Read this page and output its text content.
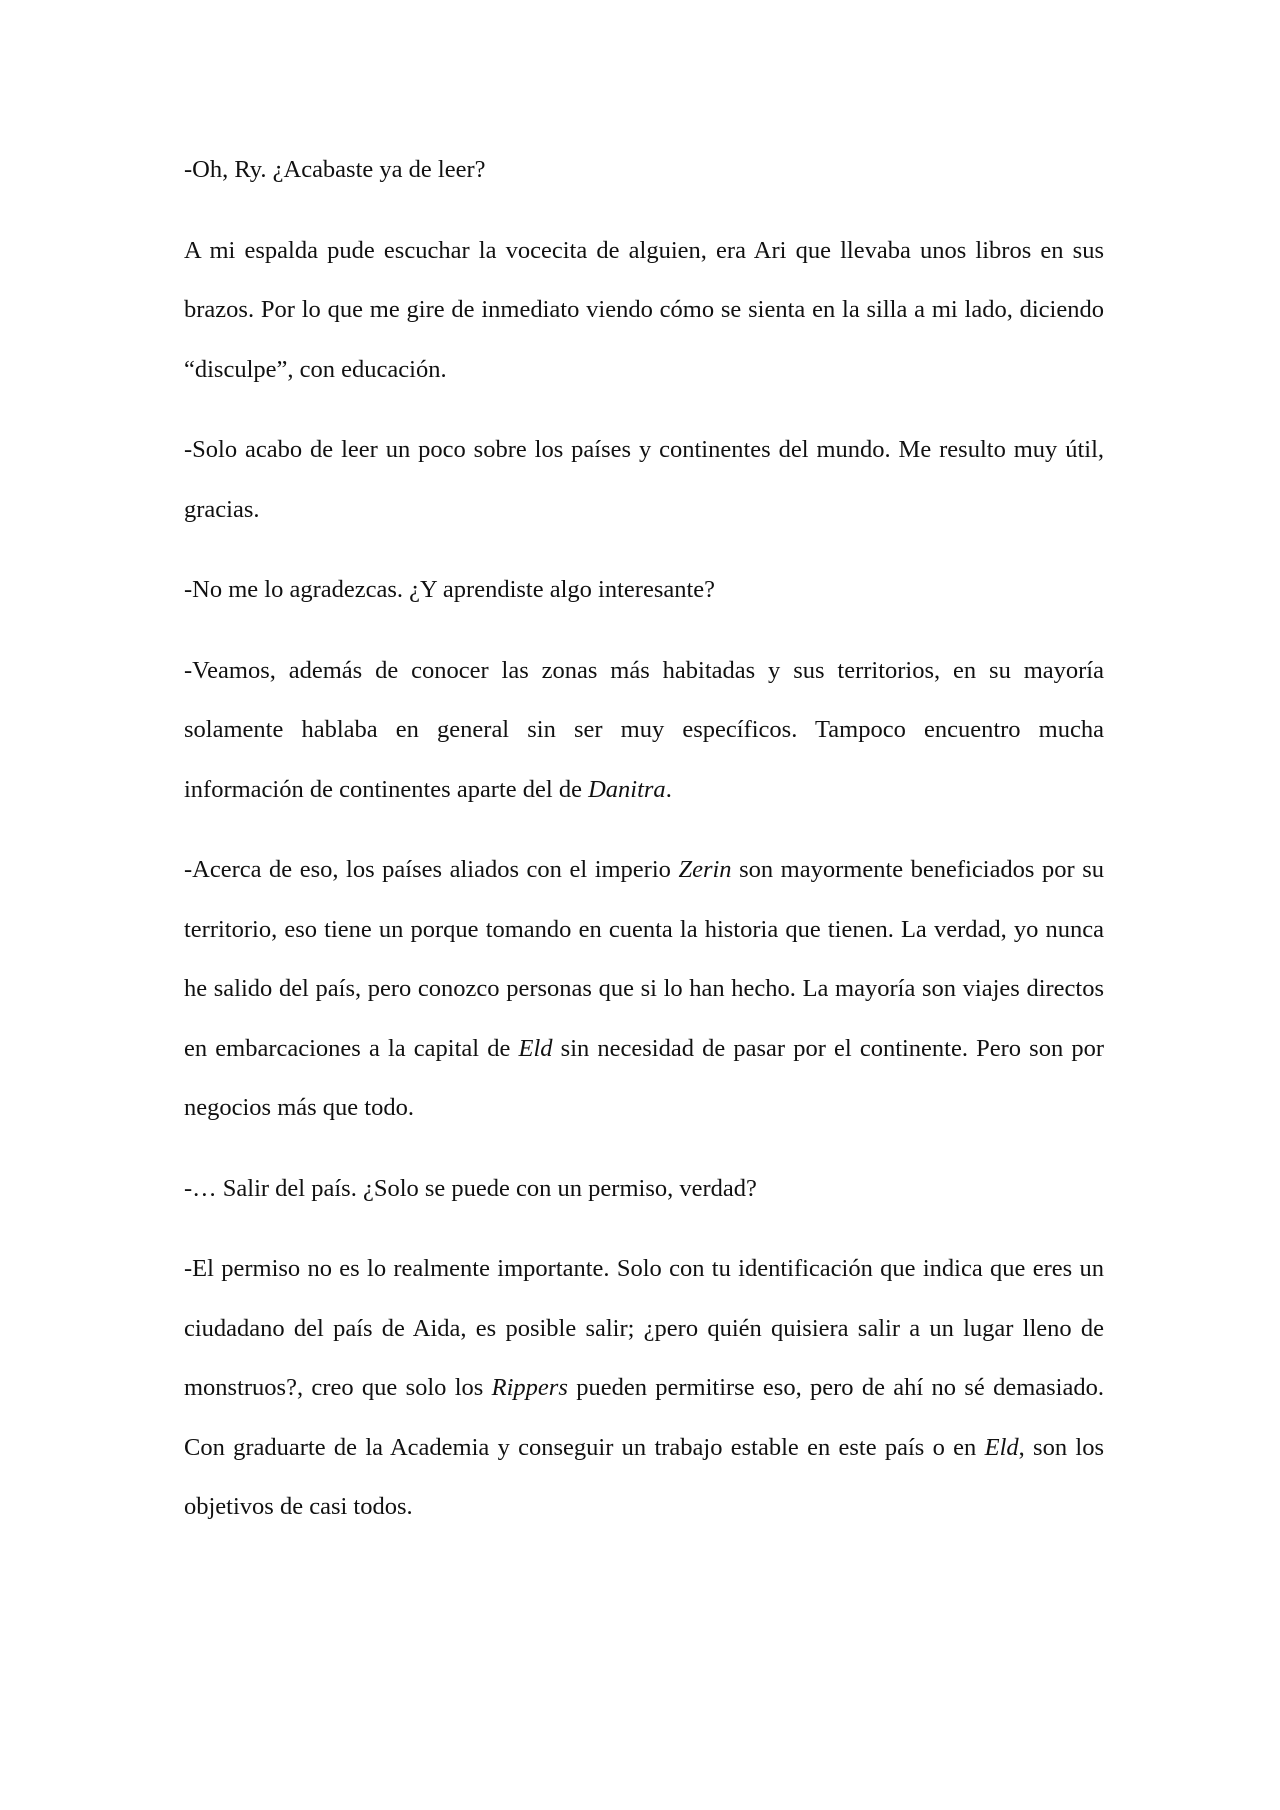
-Oh, Ry. ¿Acabaste ya de leer?

A mi espalda pude escuchar la vocecita de alguien, era Ari que llevaba unos libros en sus brazos. Por lo que me gire de inmediato viendo cómo se sienta en la silla a mi lado, diciendo “disculpe”, con educación.

-Solo acabo de leer un poco sobre los países y continentes del mundo. Me resulto muy útil, gracias.

-No me lo agradezcas. ¿Y aprendiste algo interesante?

-Veamos, además de conocer las zonas más habitadas y sus territorios, en su mayoría solamente hablaba en general sin ser muy específicos. Tampoco encuentro mucha información de continentes aparte del de Danitra.

-Acerca de eso, los países aliados con el imperio Zerin son mayormente beneficiados por su territorio, eso tiene un porque tomando en cuenta la historia que tienen. La verdad, yo nunca he salido del país, pero conozco personas que si lo han hecho. La mayoría son viajes directos en embarcaciones a la capital de Eld sin necesidad de pasar por el continente. Pero son por negocios más que todo.

-… Salir del país. ¿Solo se puede con un permiso, verdad?

-El permiso no es lo realmente importante. Solo con tu identificación que indica que eres un ciudadano del país de Aida, es posible salir; ¿pero quién quisiera salir a un lugar lleno de monstruos?, creo que solo los Rippers pueden permitirse eso, pero de ahí no sé demasiado. Con graduarte de la Academia y conseguir un trabajo estable en este país o en Eld, son los objetivos de casi todos.
